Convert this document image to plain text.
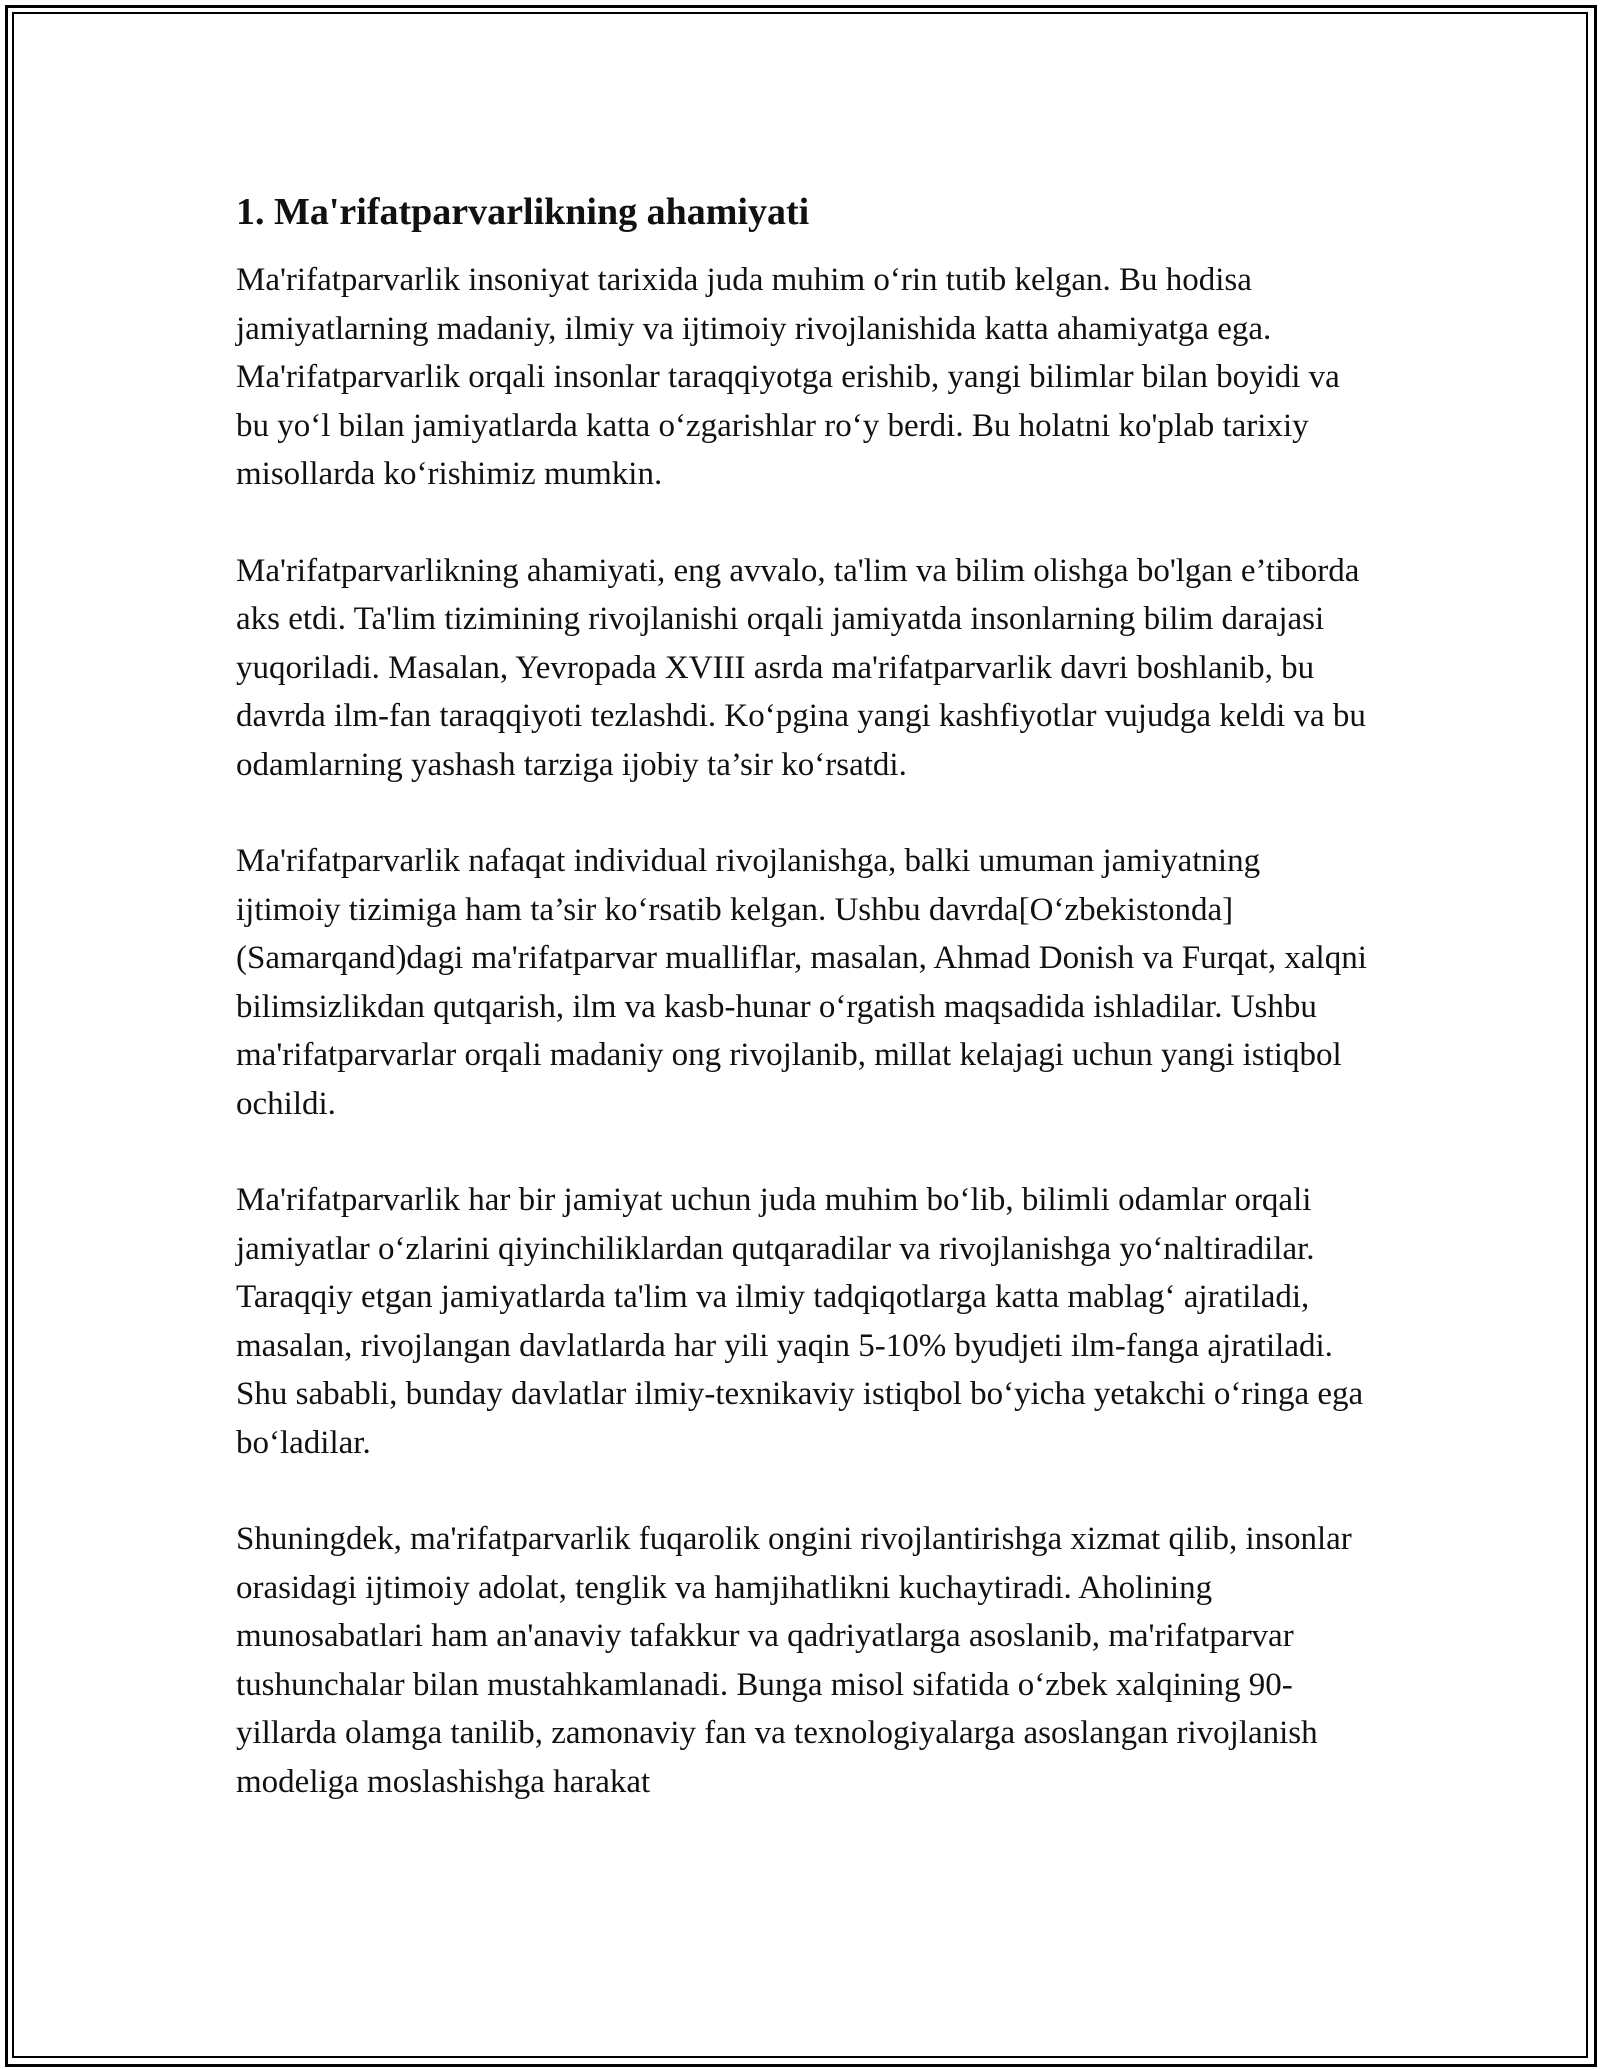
1. Ma'rifatparvarlikning ahamiyati

Ma'rifatparvarlik insoniyat tarixida juda muhim o‘rin tutib kelgan. Bu hodisa jamiyatlarning madaniy, ilmiy va ijtimoiy rivojlanishida katta ahamiyatga ega. Ma'rifatparvarlik orqali insonlar taraqqiyotga erishib, yangi bilimlar bilan boyidi va bu yo‘l bilan jamiyatlarda katta o‘zgarishlar ro‘y berdi. Bu holatni ko'plab tarixiy misollarda ko‘rishimiz mumkin.

Ma'rifatparvarlikning ahamiyati, eng avvalo, ta'lim va bilim olishga bo'lgan e’tiborda aks etdi. Ta'lim tizimining rivojlanishi orqali jamiyatda insonlarning bilim darajasi yuqoriladi. Masalan, Yevropada XVIII asrda ma'rifatparvarlik davri boshlanib, bu davrda ilm-fan taraqqiyoti tezlashdi. Ko‘pgina yangi kashfiyotlar vujudga keldi va bu odamlarning yashash tarziga ijobiy ta’sir ko‘rsatdi.

Ma'rifatparvarlik nafaqat individual rivojlanishga, balki umuman jamiyatning ijtimoiy tizimiga ham ta’sir ko‘rsatib kelgan. Ushbu davrda[O‘zbekistonda](Samarqand)dagi ma'rifatparvar mualliflar, masalan, Ahmad Donish va Furqat, xalqni bilimsizlikdan qutqarish, ilm va kasb-hunar o‘rgatish maqsadida ishladilar. Ushbu ma'rifatparvarlar orqali madaniy ong rivojlanib, millat kelajagi uchun yangi istiqbol ochildi.

Ma'rifatparvarlik har bir jamiyat uchun juda muhim bo‘lib, bilimli odamlar orqali jamiyatlar o‘zlarini qiyinchiliklardan qutqaradilar va rivojlanishga yo‘naltiradilar. Taraqqiy etgan jamiyatlarda ta'lim va ilmiy tadqiqotlarga katta mablag‘ ajratiladi, masalan, rivojlangan davlatlarda har yili yaqin 5-10% byudjeti ilm-fanga ajratiladi. Shu sababli, bunday davlatlar ilmiy-texnikaviy istiqbol bo‘yicha yetakchi o‘ringa ega bo‘ladilar.

Shuningdek, ma'rifatparvarlik fuqarolik ongini rivojlantirishga xizmat qilib, insonlar orasidagi ijtimoiy adolat, tenglik va hamjihatlikni kuchaytiradi. Aholining munosabatlari ham an'anaviy tafakkur va qadriyatlarga asoslanib, ma'rifatparvar tushunchalar bilan mustahkamlanadi. Bunga misol sifatida o‘zbek xalqining 90-yillarda olamga tanilib, zamonaviy fan va texnologiyalarga asoslangan rivojlanish modeliga moslashishga harakat
